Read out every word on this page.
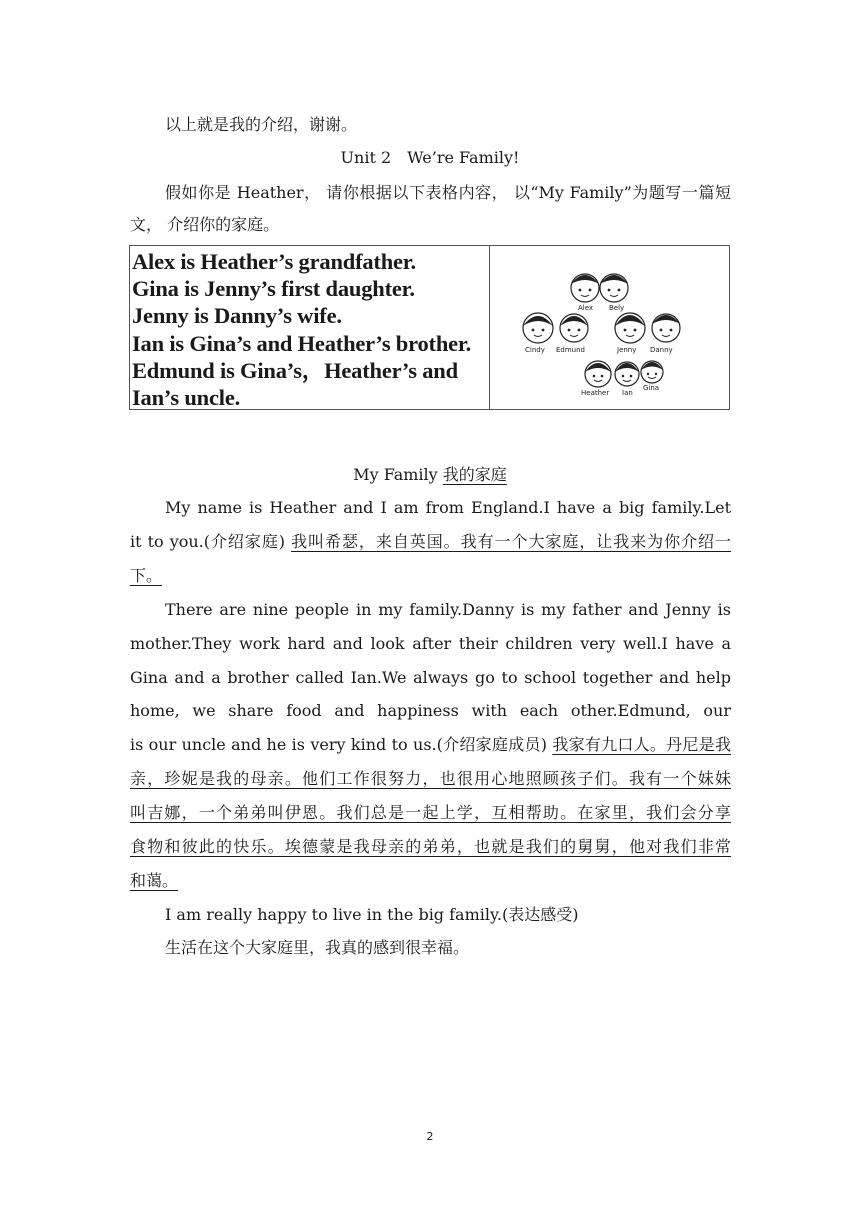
以上就是我的介绍，谢谢。
Unit 2　We’re Family!
假如你是 Heather， 请你根据以下表格内容， 以“My Family”为题写一篇短
文， 介绍你的家庭。
Alex is Heather’s grandfather.
Gina is Jenny’s first daughter.
Jenny is Danny’s wife.
Ian is Gina’s and Heather’s brother.
Edmund is Gina’s，Heather’s and
Ian’s uncle.
Alex Bely
Cindy Edmund	Jenny Danny
Heather Ian
Gina
My Family 我的家庭
My name is Heather and I am from England.I have a big family.Let
it to you.(介绍家庭) 我叫希瑟，来自英国。我有一个大家庭，让我来为你介绍一
下。
There are nine people in my family.Danny is my father and Jenny is
mother.They work hard and look after their children very well.I have a
Gina and a brother called Ian.We always go to school together and help
home, we share food and happiness with each other.Edmund, our
is our uncle and he is very kind to us.(介绍家庭成员) 我家有九口人。丹尼是我
亲，珍妮是我的母亲。他们工作很努力，也很用心地照顾孩子们。我有一个妹妹
叫吉娜，一个弟弟叫伊恩。我们总是一起上学，互相帮助。在家里，我们会分享
食物和彼此的快乐。埃德蒙是我母亲的弟弟，也就是我们的舅舅，他对我们非常
和蔼。
I am really happy to live in the big family.(表达感受)
生活在这个大家庭里，我真的感到很幸福。
2
